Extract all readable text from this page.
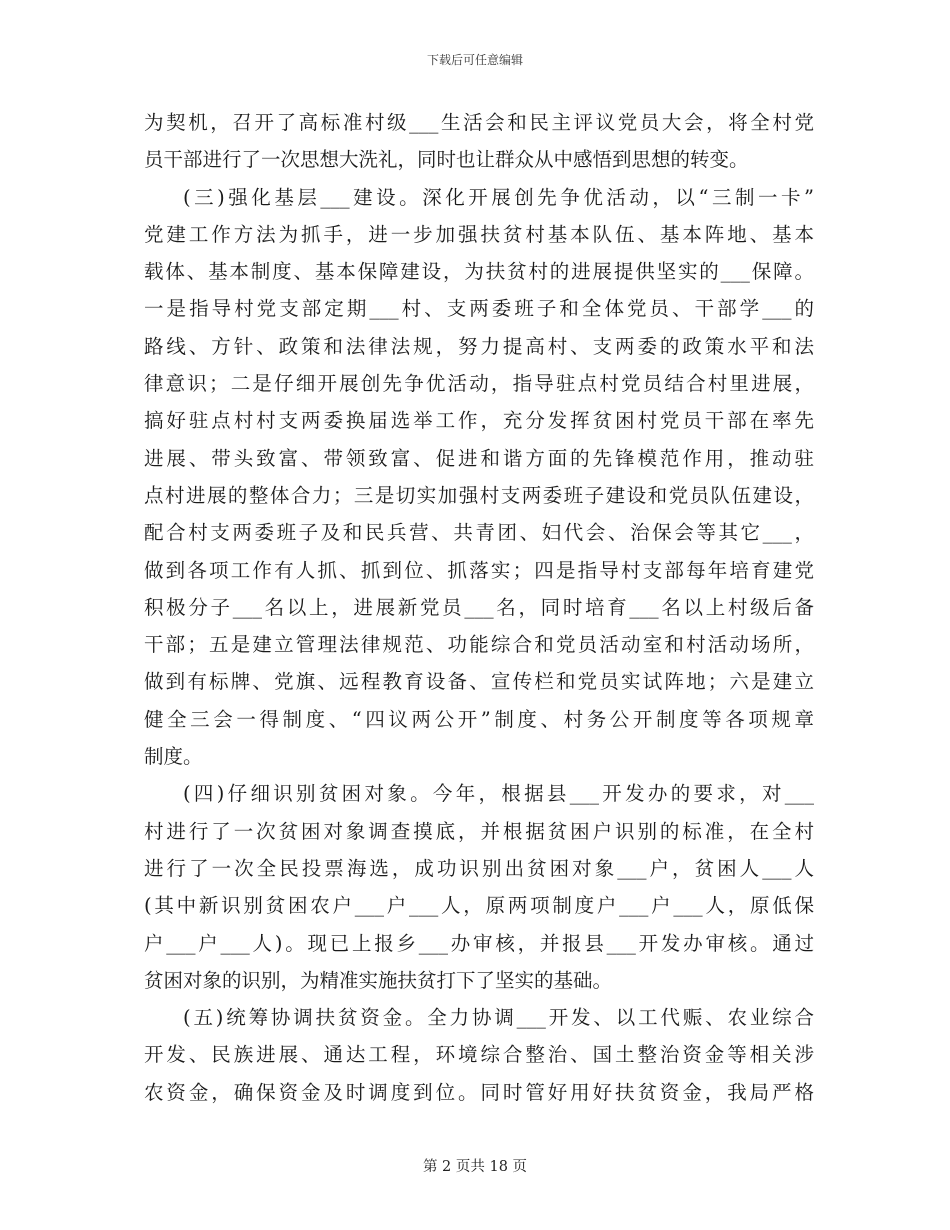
下载后可任意编辑
为契机，召开了高标准村级___生活会和民主评议党员大会，将全村党
员干部进行了一次思想大洗礼，同时也让群众从中感悟到思想的转变。
(三)强化基层___建设。深化开展创先争优活动，以“三制一卡”
党建工作方法为抓手，进一步加强扶贫村基本队伍、基本阵地、基本
载体、基本制度、基本保障建设，为扶贫村的进展提供坚实的___保障。
一是指导村党支部定期___村、支两委班子和全体党员、干部学___的
路线、方针、政策和法律法规，努力提高村、支两委的政策水平和法
律意识；二是仔细开展创先争优活动，指导驻点村党员结合村里进展，
搞好驻点村村支两委换届选举工作，充分发挥贫困村党员干部在率先
进展、带头致富、带领致富、促进和谐方面的先锋模范作用，推动驻
点村进展的整体合力；三是切实加强村支两委班子建设和党员队伍建设，
配合村支两委班子及和民兵营、共青团、妇代会、治保会等其它___，
做到各项工作有人抓、抓到位、抓落实；四是指导村支部每年培育建党
积极分子___名以上，进展新党员___名，同时培育___名以上村级后备
干部；五是建立管理法律规范、功能综合和党员活动室和村活动场所，
做到有标牌、党旗、远程教育设备、宣传栏和党员实试阵地；六是建立
健全三会一得制度、“四议两公开”制度、村务公开制度等各项规章
制度。
(四)仔细识别贫困对象。今年，根据县___开发办的要求，对___
村进行了一次贫困对象调查摸底，并根据贫困户识别的标准，在全村
进行了一次全民投票海选，成功识别出贫困对象___户，贫困人___人
(其中新识别贫困农户___户___人，原两项制度户___户___人，原低保
户___户___人)。现已上报乡___办审核，并报县___开发办审核。通过
贫困对象的识别，为精准实施扶贫打下了坚实的基础。
(五)统筹协调扶贫资金。全力协调___开发、以工代赈、农业综合
开发、民族进展、通达工程，环境综合整治、国土整治资金等相关涉
农资金，确保资金及时调度到位。同时管好用好扶贫资金，我局严格
第 2 页共 18 页
